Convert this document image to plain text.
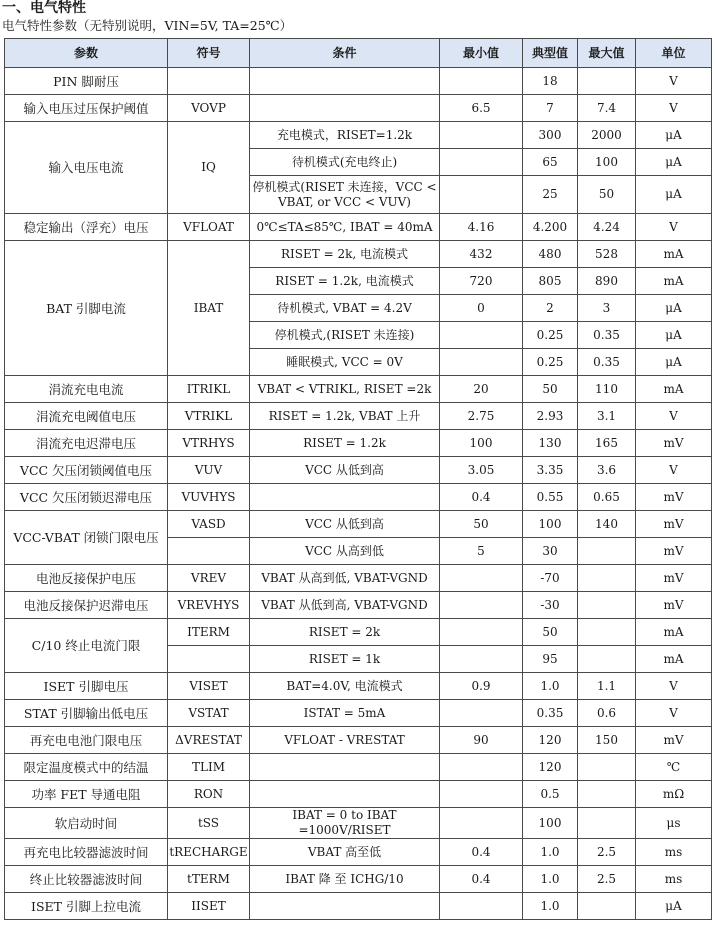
一、电气特性
电气特性参数（无特别说明，VIN=5V, TA=25℃）
参数	符号	条件	最小值	典型值	最大值	单位
PIN 脚耐压				18		V
输入电压过压保护阈值	VOVP		6.5	7	7.4	V
输入电压电流	IQ	充电模式，RISET=1.2k		300	2000	μA
		待机模式(充电终止)		65	100	μA
		停机模式(RISET 未连接，VCC < VBAT, or VCC < VUV)		25	50	μA
稳定输出（浮充）电压	VFLOAT	0℃≤TA≤85℃, IBAT = 40mA	4.16	4.200	4.24	V
BAT 引脚电流	IBAT	RISET = 2k, 电流模式	432	480	528	mA
		RISET = 1.2k, 电流模式	720	805	890	mA
		待机模式, VBAT = 4.2V	0	2	3	μA
		停机模式,(RISET 未连接)		0.25	0.35	μA
		睡眠模式, VCC = 0V		0.25	0.35	μA
涓流充电电流	ITRIKL	VBAT < VTRIKL, RISET =2k	20	50	110	mA
涓流充电阈值电压	VTRIKL	RISET = 1.2k, VBAT 上升	2.75	2.93	3.1	V
涓流充电迟滞电压	VTRHYS	RISET = 1.2k	100	130	165	mV
VCC 欠压闭锁阈值电压	VUV	VCC 从低到高	3.05	3.35	3.6	V
VCC 欠压闭锁迟滞电压	VUVHYS		0.4	0.55	0.65	mV
VCC-VBAT 闭锁门限电压	VASD	VCC 从低到高	50	100	140	mV
		VCC 从高到低	5	30		mV
电池反接保护电压	VREV	VBAT 从高到低, VBAT-VGND		-70		mV
电池反接保护迟滞电压	VREVHYS	VBAT 从低到高, VBAT-VGND		-30		mV
C/10 终止电流门限	ITERM	RISET = 2k		50		mA
		RISET = 1k		95		mA
ISET 引脚电压	VISET	BAT=4.0V, 电流模式	0.9	1.0	1.1	V
STAT 引脚输出低电压	VSTAT	ISTAT = 5mA		0.35	0.6	V
再充电电池门限电压	ΔVRESTAT	VFLOAT - VRESTAT	90	120	150	mV
限定温度模式中的结温	TLIM			120		℃
功率 FET 导通电阻	RON			0.5		mΩ
软启动时间	tSS	IBAT = 0 to IBAT =1000V/RISET		100		μs
再充电比较器滤波时间	tRECHARGE	VBAT 高至低	0.4	1.0	2.5	ms
终止比较器滤波时间	tTERM	IBAT 降 至 ICHG/10	0.4	1.0	2.5	ms
ISET 引脚上拉电流	IISET			1.0		μA
